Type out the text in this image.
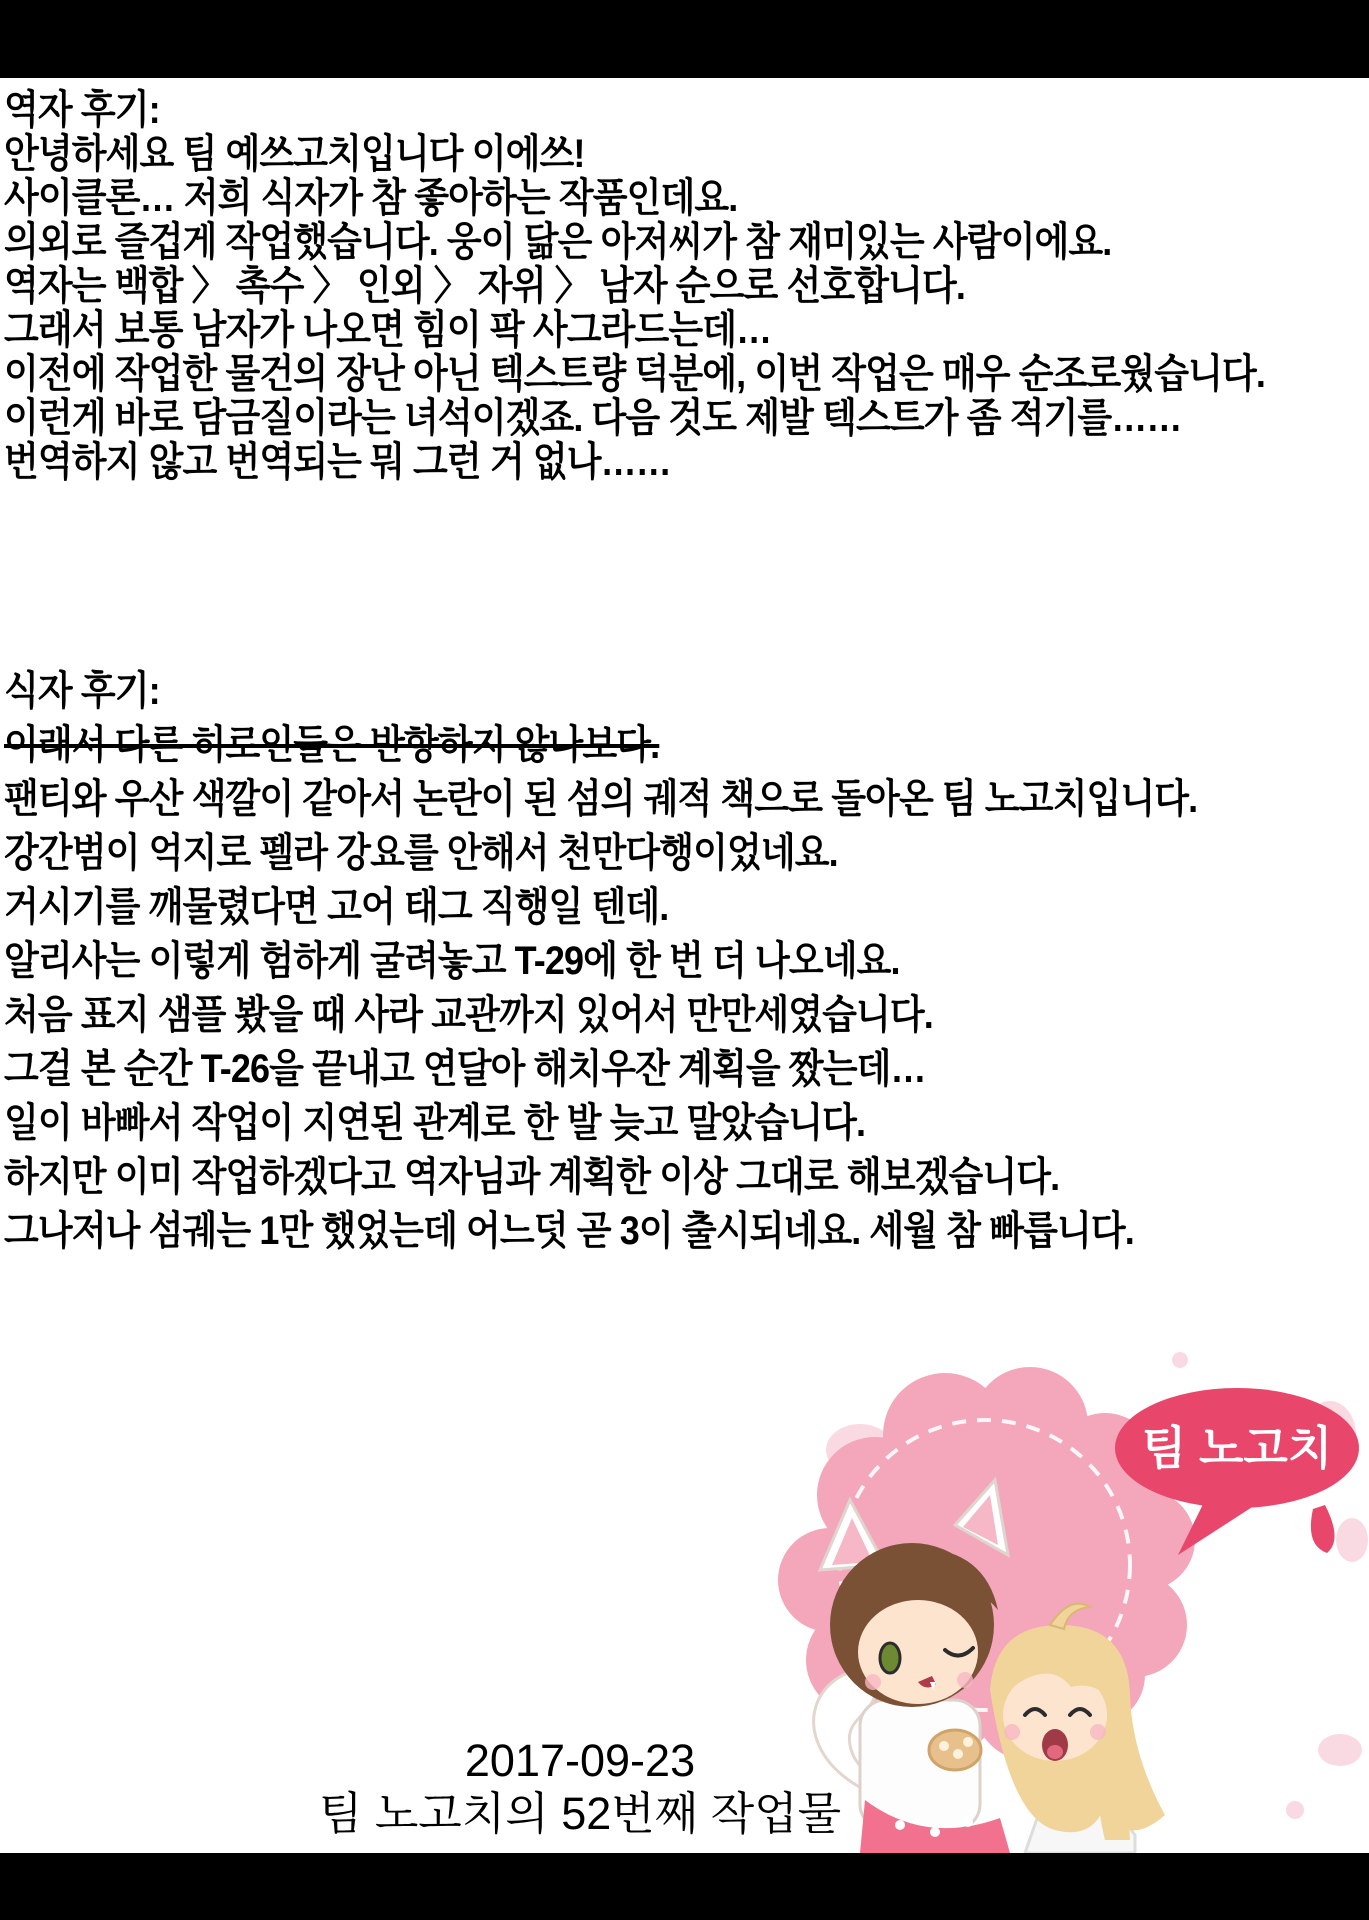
역자 후기:
안녕하세요 팀 예쓰고치입니다 이에쓰!
사이클론… 저희 식자가 참 좋아하는 작품인데요.
의외로 즐겁게 작업했습니다. 웅이 닮은 아저씨가 참 재미있는 사람이에요.
역자는 백합 〉 촉수 〉 인외 〉 자위 〉 남자 순으로 선호합니다.
그래서 보통 남자가 나오면 힘이 팍 사그라드는데…
이전에 작업한 물건의 장난 아닌 텍스트량 덕분에, 이번 작업은 매우 순조로웠습니다.
이런게 바로 담금질이라는 녀석이겠죠. 다음 것도 제발 텍스트가 좀 적기를……
번역하지 않고 번역되는 뭐 그런 거 없나……
식자 후기:
이래서 다른 히로인들은 반항하지 않나보다.
팬티와 우산 색깔이 같아서 논란이 된 섬의 궤적 책으로 돌아온 팀 노고치입니다.
강간범이 억지로 펠라 강요를 안해서 천만다행이었네요.
거시기를 깨물렸다면 고어 태그 직행일 텐데.
알리사는 이렇게 험하게 굴려놓고 T-29에 한 번 더 나오네요.
처음 표지 샘플 봤을 때 사라 교관까지 있어서 만만세였습니다.
그걸 본 순간 T-26을 끝내고 연달아 해치우잔 계획을 짰는데…
일이 바빠서 작업이 지연된 관계로 한 발 늦고 말았습니다.
하지만 이미 작업하겠다고 역자님과 계획한 이상 그대로 해보겠습니다.
그나저나 섬궤는 1만 했었는데 어느덧 곧 3이 출시되네요. 세월 참 빠릅니다.
팀 노고치
2017-09-23
팀 노고치의 52번째 작업물
